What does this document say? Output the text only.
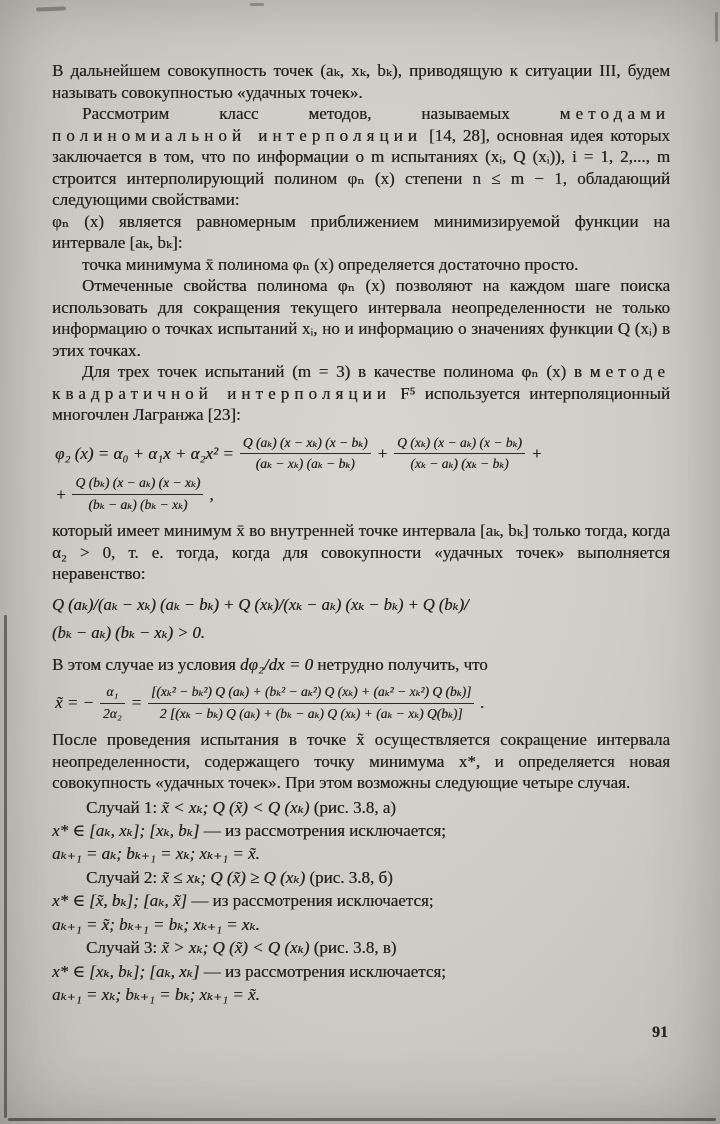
В дальнейшем совокупность точек (aₖ, xₖ, bₖ), приводящую к ситуации III, будем называть совокупностью «удачных точек».

Рассмотрим класс методов, называемых методами полиномиальной интерполяции [14, 28], основная идея которых заключается в том, что по информации о m испытаниях (xᵢ, Q (xᵢ)), i = 1, 2,..., m строится интерполирующий полином φₙ (x) степени n ≤ m − 1, обладающий следующими свойствами:

φₙ (x) является равномерным приближением минимизируемой функции на интервале [aₖ, bₖ]:

точка минимума x̄ полинома φₙ (x) определяется достаточно просто.

Отмеченные свойства полинома φₙ (x) позволяют на каждом шаге поиска использовать для сокращения текущего интервала неопределенности не только информацию о точках испытаний xᵢ, но и информацию о значениях функции Q (xᵢ) в этих точках.

Для трех точек испытаний (m = 3) в качестве полинома φₙ (x) в методе квадратичной интерполяции F⁵ используется интерполяционный многочлен Лагранжа [23]:

φ₂ $(x) = \alpha_0 + \alpha_1x + \alpha_2x^2 = \frac{\text{Q (aₖ) (x − xₖ) (x − bₖ)}}{\text{(aₖ − xₖ) (aₖ − bₖ)}} + \frac{\text{Q (xₖ) (x − aₖ) (x − bₖ)}}{\text{(xₖ − aₖ) (xₖ − bₖ)}}$ +
+ $\frac{\text{Q (bₖ) (x − aₖ) (x − xₖ)}}{\text{(bₖ − aₖ) (bₖ − xₖ)}}$ ,

который имеет минимум x̄ во внутренней точке интервала [aₖ, bₖ] только тогда, когда α₂ > 0, т. е. тогда, когда для совокупности «удачных точек» выполняется неравенство:

Q (aₖ)/(aₖ − xₖ) (aₖ − bₖ) + Q (xₖ)/(xₖ − aₖ) (xₖ − bₖ) + Q (bₖ)/

(bₖ − aₖ) (bₖ − xₖ) > 0.

В этом случае из условия dφ₂/dx = 0 нетрудно получить, что

x̃ = − $\frac{\text{α₁}}{\text{2α₂}}$ =
[(xₖ² − bₖ²) Q (aₖ) + (bₖ² − aₖ²) Q (xₖ) + (aₖ² − xₖ²) Q (bₖ)]
2 [(xₖ − bₖ) Q (aₖ) + (bₖ − aₖ) Q (xₖ) + (aₖ − xₖ) Q(bₖ)]
.

После проведения испытания в точке x̃ осуществляется сокращение интервала неопределенности, содержащего точку минимума x*, и определяется новая совокупность «удачных точек». При этом возможны следующие четыре случая.

Случай 1: x̃ < xₖ; Q (x̃) < Q (xₖ) (рис. 3.8, а)

x* ∈ [aₖ, xₖ]; [xₖ, bₖ] — из рассмотрения исключается;

aₖ₊₁ = aₖ; bₖ₊₁ = xₖ; xₖ₊₁ = x̃.

Случай 2: x̃ ≤ xₖ; Q (x̃) ≥ Q (xₖ) (рис. 3.8, б)

x* ∈ [x̃, bₖ]; [aₖ, x̃] — из рассмотрения исключается;

aₖ₊₁ = x̃; bₖ₊₁ = bₖ; xₖ₊₁ = xₖ.

Случай 3: x̃ > xₖ; Q (x̃) < Q (xₖ) (рис. 3.8, в)

x* ∈ [xₖ, bₖ]; [aₖ, xₖ] — из рассмотрения исключается;

aₖ₊₁ = xₖ; bₖ₊₁ = bₖ; xₖ₊₁ = x̃.

91
